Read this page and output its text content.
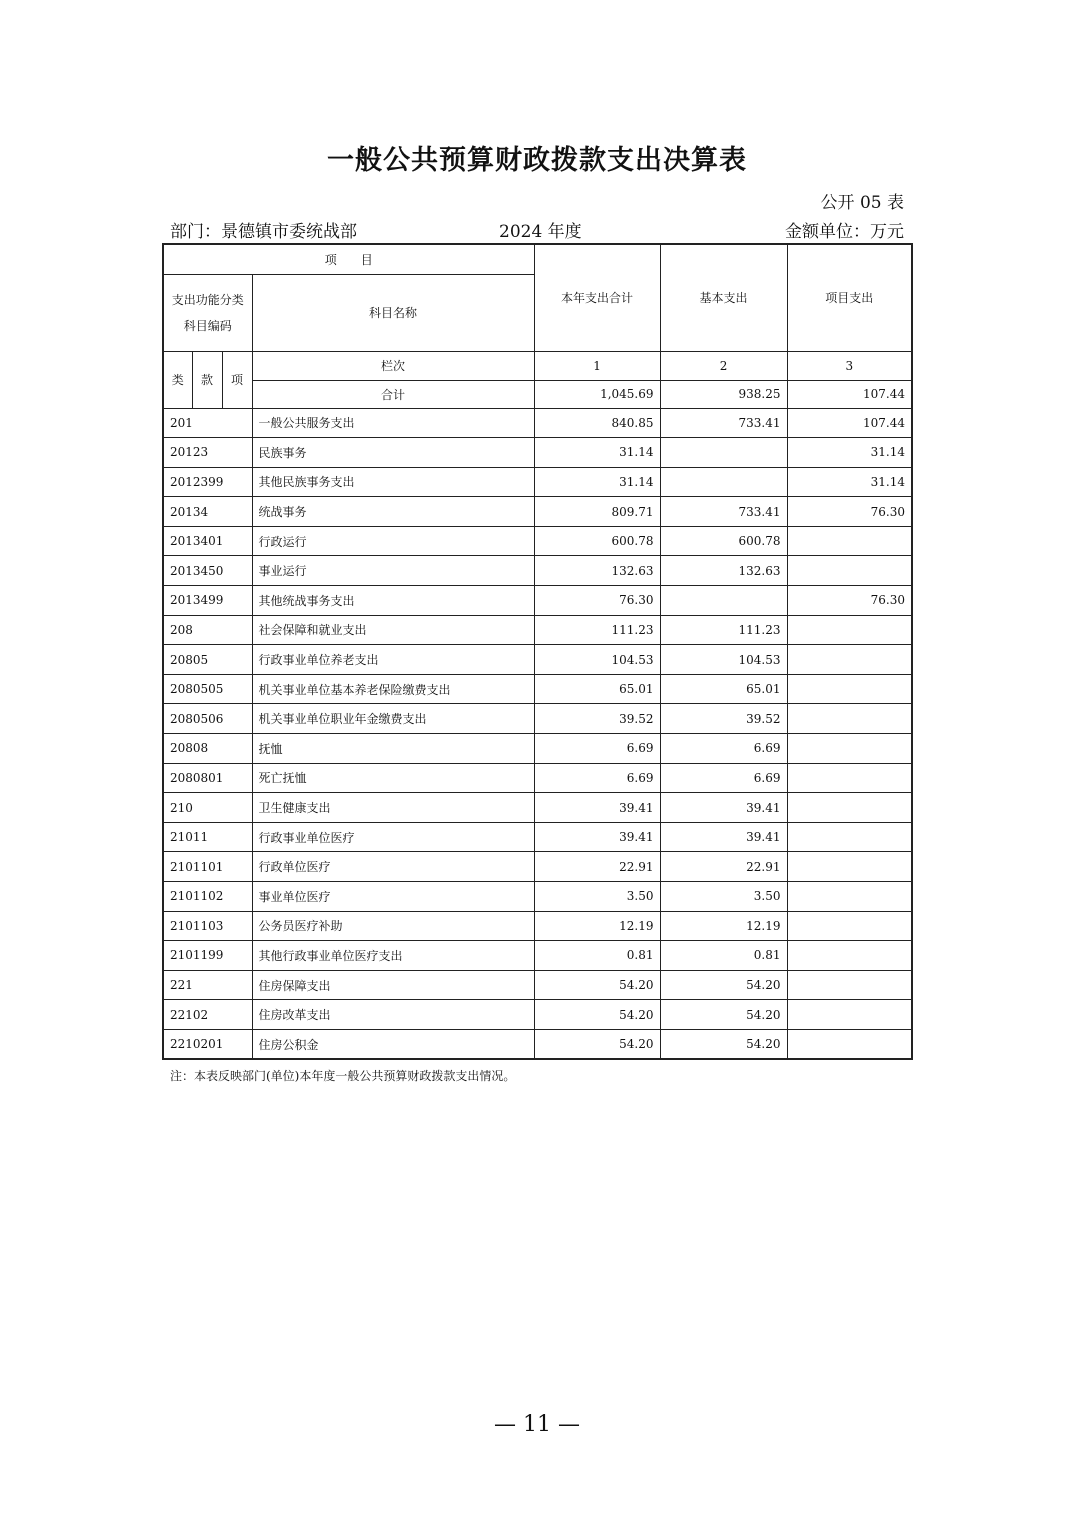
一般公共预算财政拨款支出决算表
公开 05 表
部门：景德镇市委统战部	2024 年度	金额单位：万元
项　　目				本年支出合计	基本支出	项目支出
支出功能分类
科目编码			科目名称			
类	款	项	栏次	1	2	3
			合计	1,045.69	938.25	107.44
201			一般公共服务支出	840.85	733.41	107.44
20123			民族事务	31.14		31.14
2012399			其他民族事务支出	31.14		31.14
20134			统战事务	809.71	733.41	76.30
2013401			行政运行	600.78	600.78	
2013450			事业运行	132.63	132.63	
2013499			其他统战事务支出	76.30		76.30
208			社会保障和就业支出	111.23	111.23	
20805			行政事业单位养老支出	104.53	104.53	
2080505			机关事业单位基本养老保险缴费支出	65.01	65.01	
2080506			机关事业单位职业年金缴费支出	39.52	39.52	
20808			抚恤	6.69	6.69	
2080801			死亡抚恤	6.69	6.69	
210			卫生健康支出	39.41	39.41	
21011			行政事业单位医疗	39.41	39.41	
2101101			行政单位医疗	22.91	22.91	
2101102			事业单位医疗	3.50	3.50	
2101103			公务员医疗补助	12.19	12.19	
2101199			其他行政事业单位医疗支出	0.81	0.81	
221			住房保障支出	54.20	54.20	
22102			住房改革支出	54.20	54.20	
2210201			住房公积金	54.20	54.20	
注：本表反映部门(单位)本年度一般公共预算财政拨款支出情况。
— 11 —
